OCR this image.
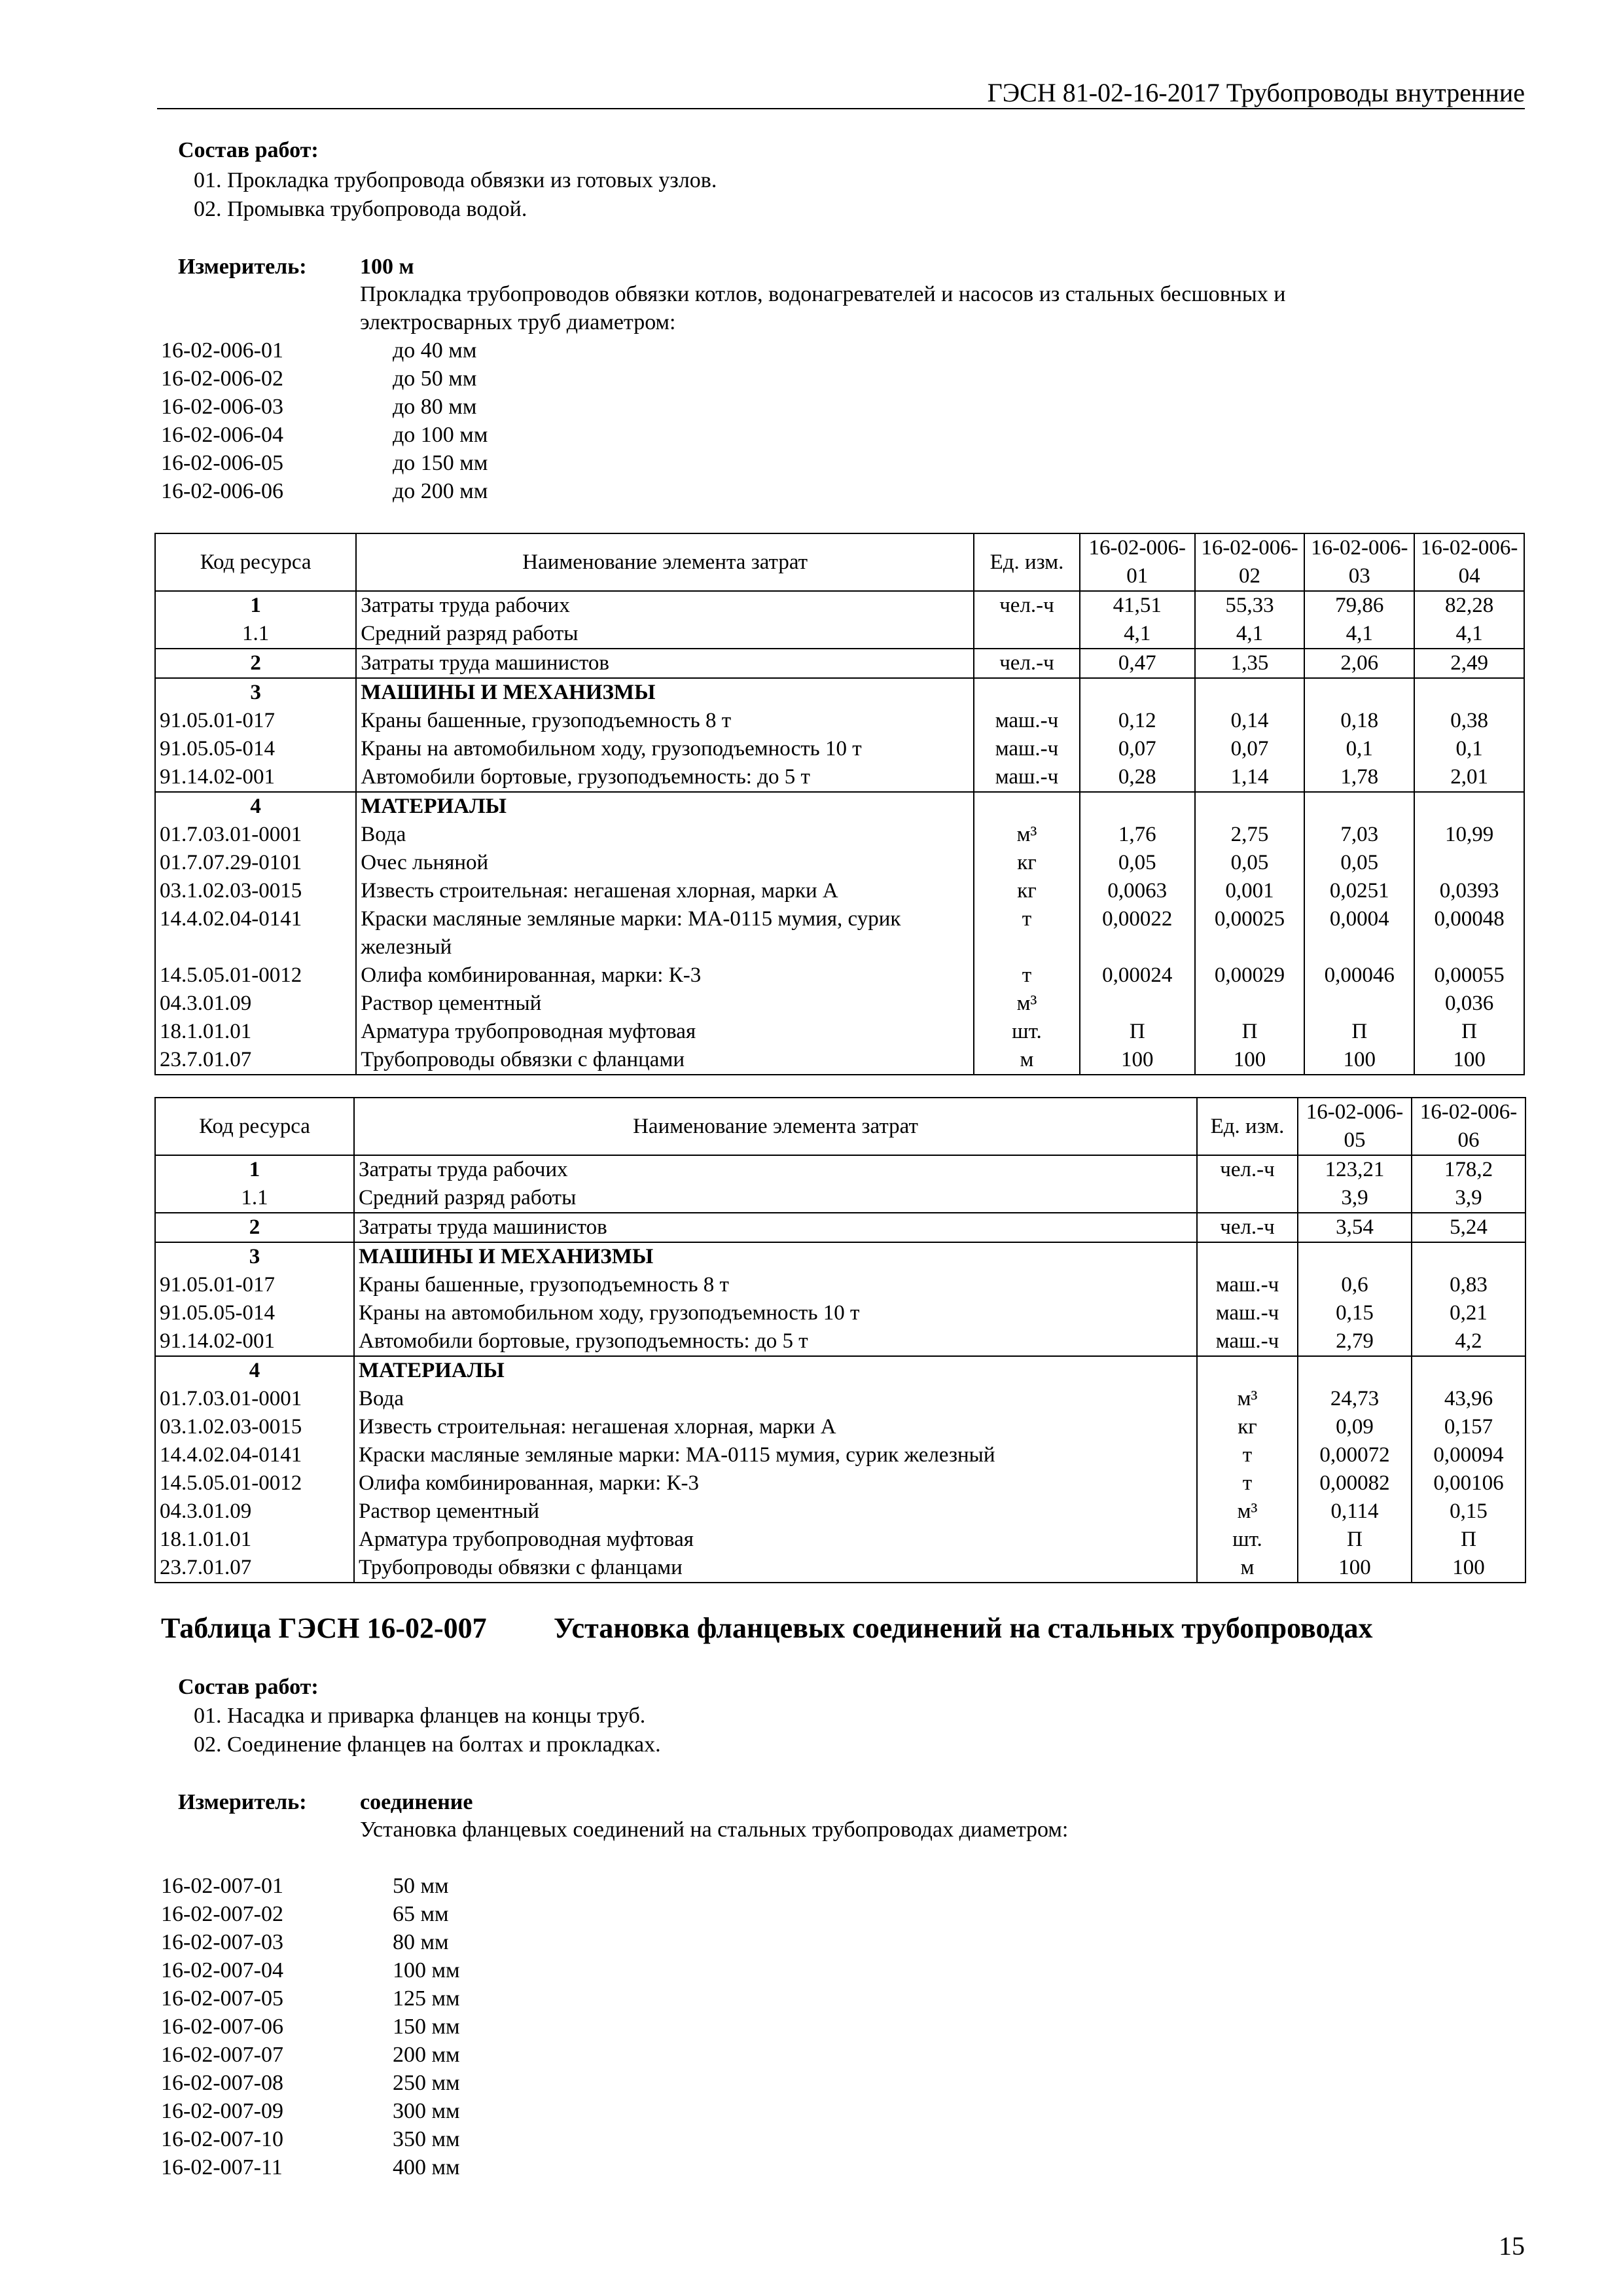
ГЭСН 81-02-16-2017 Трубопроводы внутренние
Состав работ:
01. Прокладка трубопровода обвязки из готовых узлов.
02. Промывка трубопровода водой.
Измеритель: 100 м
Прокладка трубопроводов обвязки котлов, водонагревателей и насосов из стальных бесшовных и электросварных труб диаметром:
16-02-006-01	до 40 мм
16-02-006-02	до 50 мм
16-02-006-03	до 80 мм
16-02-006-04	до 100 мм
16-02-006-05	до 150 мм
16-02-006-06	до 200 мм
Код ресурса	Наименование элемента затрат	Ед. изм.	16-02-006-01	16-02-006-02	16-02-006-03	16-02-006-04
1	Затраты труда рабочих	чел.-ч	41,51	55,33	79,86	82,28
1.1	Средний разряд работы		4,1	4,1	4,1	4,1
2	Затраты труда машинистов	чел.-ч	0,47	1,35	2,06	2,49
3	МАШИНЫ И МЕХАНИЗМЫ					
91.05.01-017	Краны башенные, грузоподъемность 8 т	маш.-ч	0,12	0,14	0,18	0,38
91.05.05-014	Краны на автомобильном ходу, грузоподъемность 10 т	маш.-ч	0,07	0,07	0,1	0,1
91.14.02-001	Автомобили бортовые, грузоподъемность: до 5 т	маш.-ч	0,28	1,14	1,78	2,01
4	МАТЕРИАЛЫ					
01.7.03.01-0001	Вода	м³	1,76	2,75	7,03	10,99
01.7.07.29-0101	Очес льняной	кг	0,05	0,05	0,05	
03.1.02.03-0015	Известь строительная: негашеная хлорная, марки А	кг	0,0063	0,001	0,0251	0,0393
14.4.02.04-0141	Краски масляные земляные марки: МА-0115 мумия, сурик железный	т	0,00022	0,00025	0,0004	0,00048
14.5.05.01-0012	Олифа комбинированная, марки: К-3	т	0,00024	0,00029	0,00046	0,00055
04.3.01.09	Раствор цементный	м³				0,036
18.1.01.01	Арматура трубопроводная муфтовая	шт.	П	П	П	П
23.7.01.07	Трубопроводы обвязки с фланцами	м	100	100	100	100
Код ресурса	Наименование элемента затрат	Ед. изм.	16-02-006-05	16-02-006-06
1	Затраты труда рабочих	чел.-ч	123,21	178,2
1.1	Средний разряд работы		3,9	3,9
2	Затраты труда машинистов	чел.-ч	3,54	5,24
3	МАШИНЫ И МЕХАНИЗМЫ			
91.05.01-017	Краны башенные, грузоподъемность 8 т	маш.-ч	0,6	0,83
91.05.05-014	Краны на автомобильном ходу, грузоподъемность 10 т	маш.-ч	0,15	0,21
91.14.02-001	Автомобили бортовые, грузоподъемность: до 5 т	маш.-ч	2,79	4,2
4	МАТЕРИАЛЫ			
01.7.03.01-0001	Вода	м³	24,73	43,96
03.1.02.03-0015	Известь строительная: негашеная хлорная, марки А	кг	0,09	0,157
14.4.02.04-0141	Краски масляные земляные марки: МА-0115 мумия, сурик железный	т	0,00072	0,00094
14.5.05.01-0012	Олифа комбинированная, марки: К-3	т	0,00082	0,00106
04.3.01.09	Раствор цементный	м³	0,114	0,15
18.1.01.01	Арматура трубопроводная муфтовая	шт.	П	П
23.7.01.07	Трубопроводы обвязки с фланцами	м	100	100
Таблица ГЭСН 16-02-007 Установка фланцевых соединений на стальных трубопроводах
Состав работ:
01. Насадка и приварка фланцев на концы труб.
02. Соединение фланцев на болтах и прокладках.
Измеритель: соединение
Установка фланцевых соединений на стальных трубопроводах диаметром:
16-02-007-01	50 мм
16-02-007-02	65 мм
16-02-007-03	80 мм
16-02-007-04	100 мм
16-02-007-05	125 мм
16-02-007-06	150 мм
16-02-007-07	200 мм
16-02-007-08	250 мм
16-02-007-09	300 мм
16-02-007-10	350 мм
16-02-007-11	400 мм
15
